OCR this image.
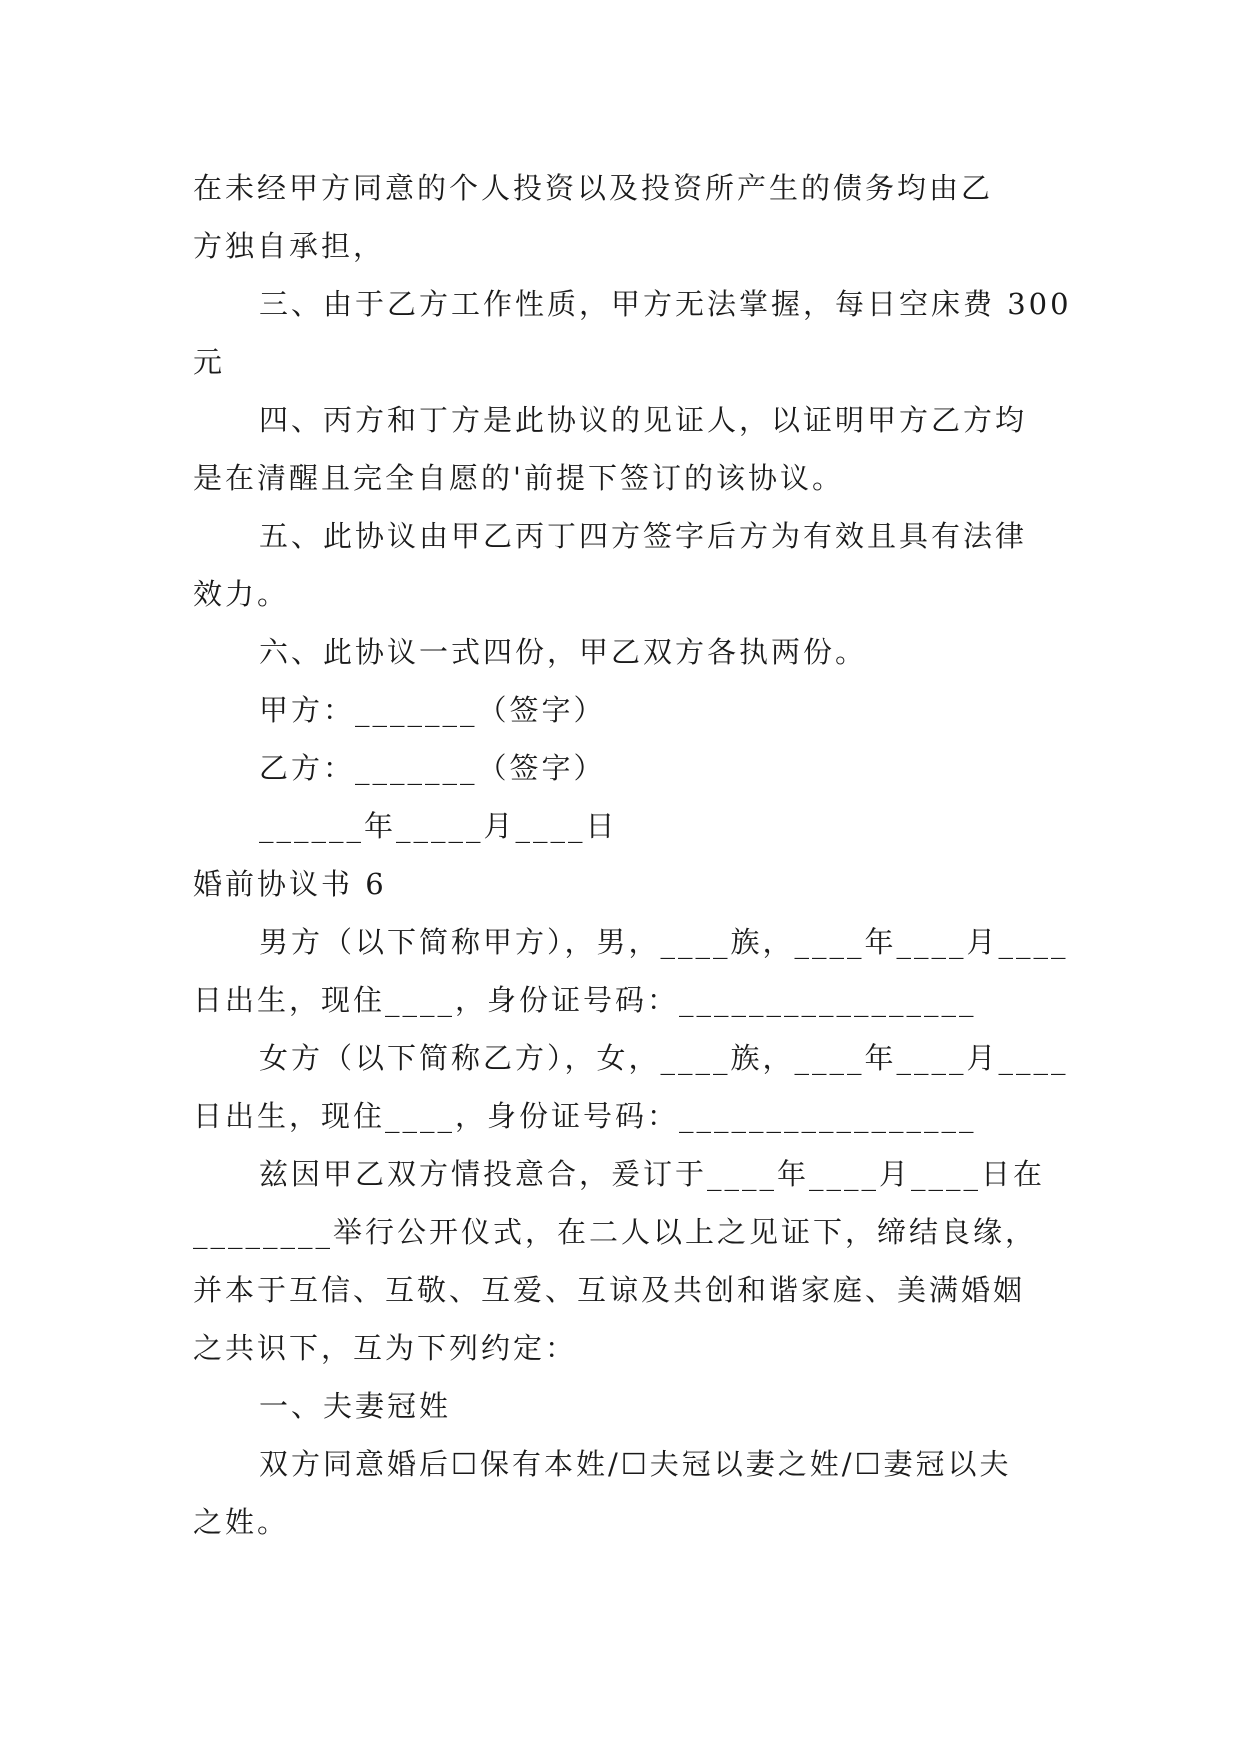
在未经甲方同意的个人投资以及投资所产生的债务均由乙

方独自承担，

三、由于乙方工作性质，甲方无法掌握，每日空床费 300

元

四、丙方和丁方是此协议的见证人，以证明甲方乙方均

是在清醒且完全自愿的'前提下签订的该协议。

五、此协议由甲乙丙丁四方签字后方为有效且具有法律

效力。

六、此协议一式四份，甲乙双方各执两份。

甲方：_______（签字）

乙方：_______（签字）

______年_____月____日

婚前协议书 6

男方（以下简称甲方），男，____族，____年____月____

日出生，现住____，身份证号码：_________________

女方（以下简称乙方），女，____族，____年____月____

日出生，现住____，身份证号码：_________________

兹因甲乙双方情投意合，爰订于____年____月____日在

________举行公开仪式，在二人以上之见证下，缔结良缘，

并本于互信、互敬、互爱、互谅及共创和谐家庭、美满婚姻

之共识下，互为下列约定：

一、夫妻冠姓

双方同意婚后☐保有本姓/☐夫冠以妻之姓/☐妻冠以夫

之姓。
